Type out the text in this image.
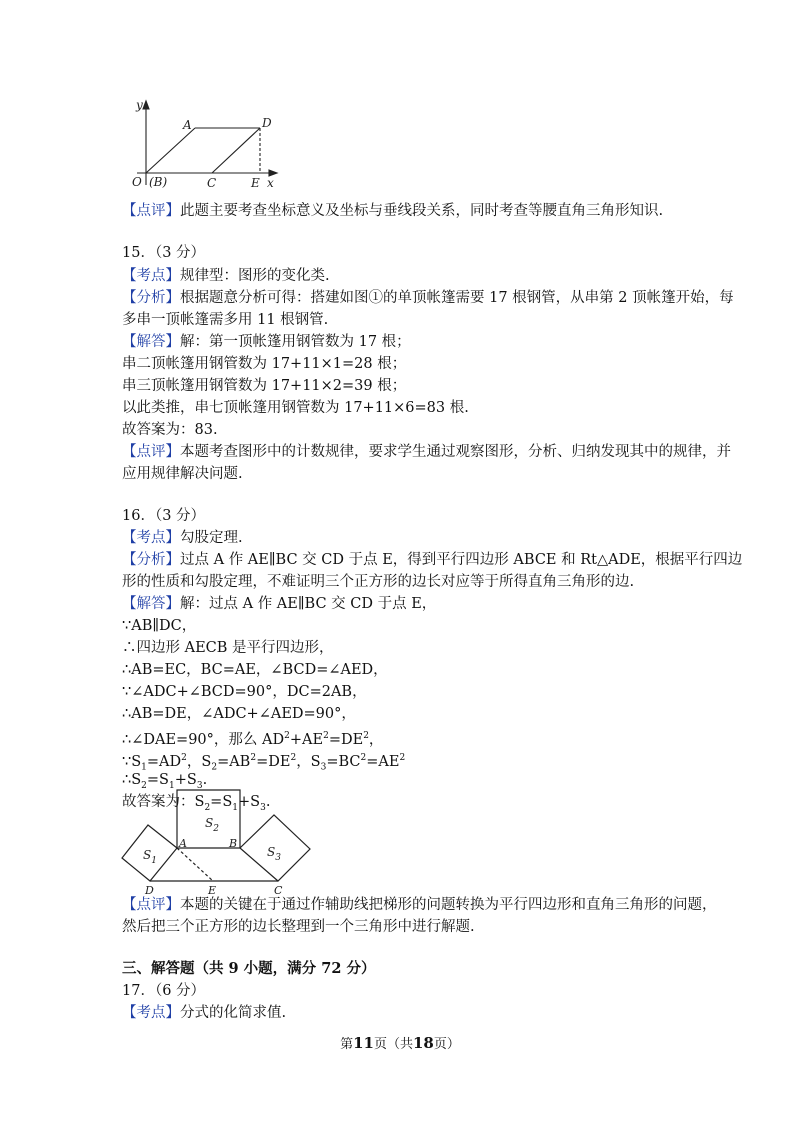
y
A	D
O (B)	C	E x
【点评】此题主要考查坐标意义及坐标与垂线段关系，同时考查等腰直角三角形知识.
15．（3 分）
【考点】规律型：图形的变化类.
【分析】根据题意分析可得：搭建如图①的单顶帐篷需要 17 根钢管，从串第 2 顶帐篷开始，每
多串一顶帐篷需多用 11 根钢管.
【解答】解：第一顶帐篷用钢管数为 17 根；
串二顶帐篷用钢管数为 17+11×1=28 根；
串三顶帐篷用钢管数为 17+11×2=39 根；
以此类推，串七顶帐篷用钢管数为 17+11×6=83 根.
故答案为：83.
【点评】本题考查图形中的计数规律，要求学生通过观察图形，分析、归纳发现其中的规律，并
应用规律解决问题.
16．（3 分）
【考点】勾股定理.
【分析】过点 A 作 AE∥BC 交 CD 于点 E，得到平行四边形 ABCE 和 Rt△ADE，根据平行四边
形的性质和勾股定理，不难证明三个正方形的边长对应等于所得直角三角形的边.
【解答】解：过点 A 作 AE∥BC 交 CD 于点 E，
∵AB∥DC，
∴四边形 AECB 是平行四边形，
∴AB=EC，BC=AE，∠BCD=∠AED，
∵∠ADC+∠BCD=90°，DC=2AB，
∴AB=DE，∠ADC+∠AED=90°，
∴∠DAE=90°，那么 $AD^2+AE^2=DE^2$，
$\because S_1=AD^2$，$S_2=AB^2=DE^2$，$S_3=BC^2=AE^2$
$\therefore S_2=S_1+S_3$.
故答案为：$S_2=S_1+S_3$.
$S_2$
$S_1$
$S_3$
A	B
D	E	C
【点评】本题的关键在于通过作辅助线把梯形的问题转换为平行四边形和直角三角形的问题，
然后把三个正方形的边长整理到一个三角形中进行解题.
三、解答题（共 9 小题，满分 72 分）
17．（6 分）
【考点】分式的化简求值.
第11页（共18页）
